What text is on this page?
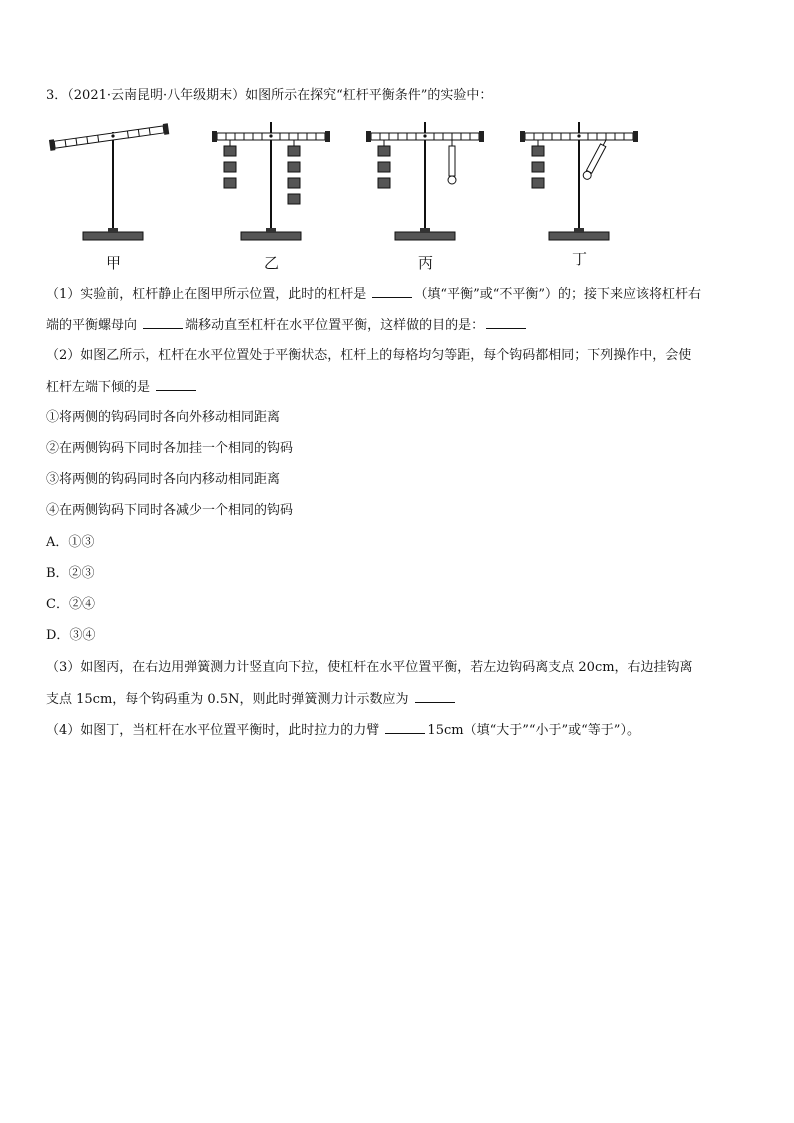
3．（2021·云南昆明·八年级期末）如图所示在探究“杠杆平衡条件”的实验中：
甲	乙	丙	丁
（1）实验前，杠杆静止在图甲所示位置，此时的杠杆是	（填“平衡”或“不平衡”）的；接下来应该将杠杆右
端的平衡螺母向	端移动直至杠杆在水平位置平衡，这样做的目的是：
（2）如图乙所示，杠杆在水平位置处于平衡状态，杠杆上的每格均匀等距，每个钩码都相同；下列操作中，会使
杠杆左端下倾的是
①将两侧的钩码同时各向外移动相同距离
②在两侧钩码下同时各加挂一个相同的钩码
③将两侧的钩码同时各向内移动相同距离
④在两侧钩码下同时各减少一个相同的钩码
A．①③
B．②③
C．②④
D．③④
（3）如图丙，在右边用弹簧测力计竖直向下拉，使杠杆在水平位置平衡，若左边钩码离支点 20cm，右边挂钩离
支点 15cm，每个钩码重为 0.5N，则此时弹簧测力计示数应为
（4）如图丁，当杠杆在水平位置平衡时，此时拉力的力臂	15cm（填“大于”“小于”或“等于”）。
